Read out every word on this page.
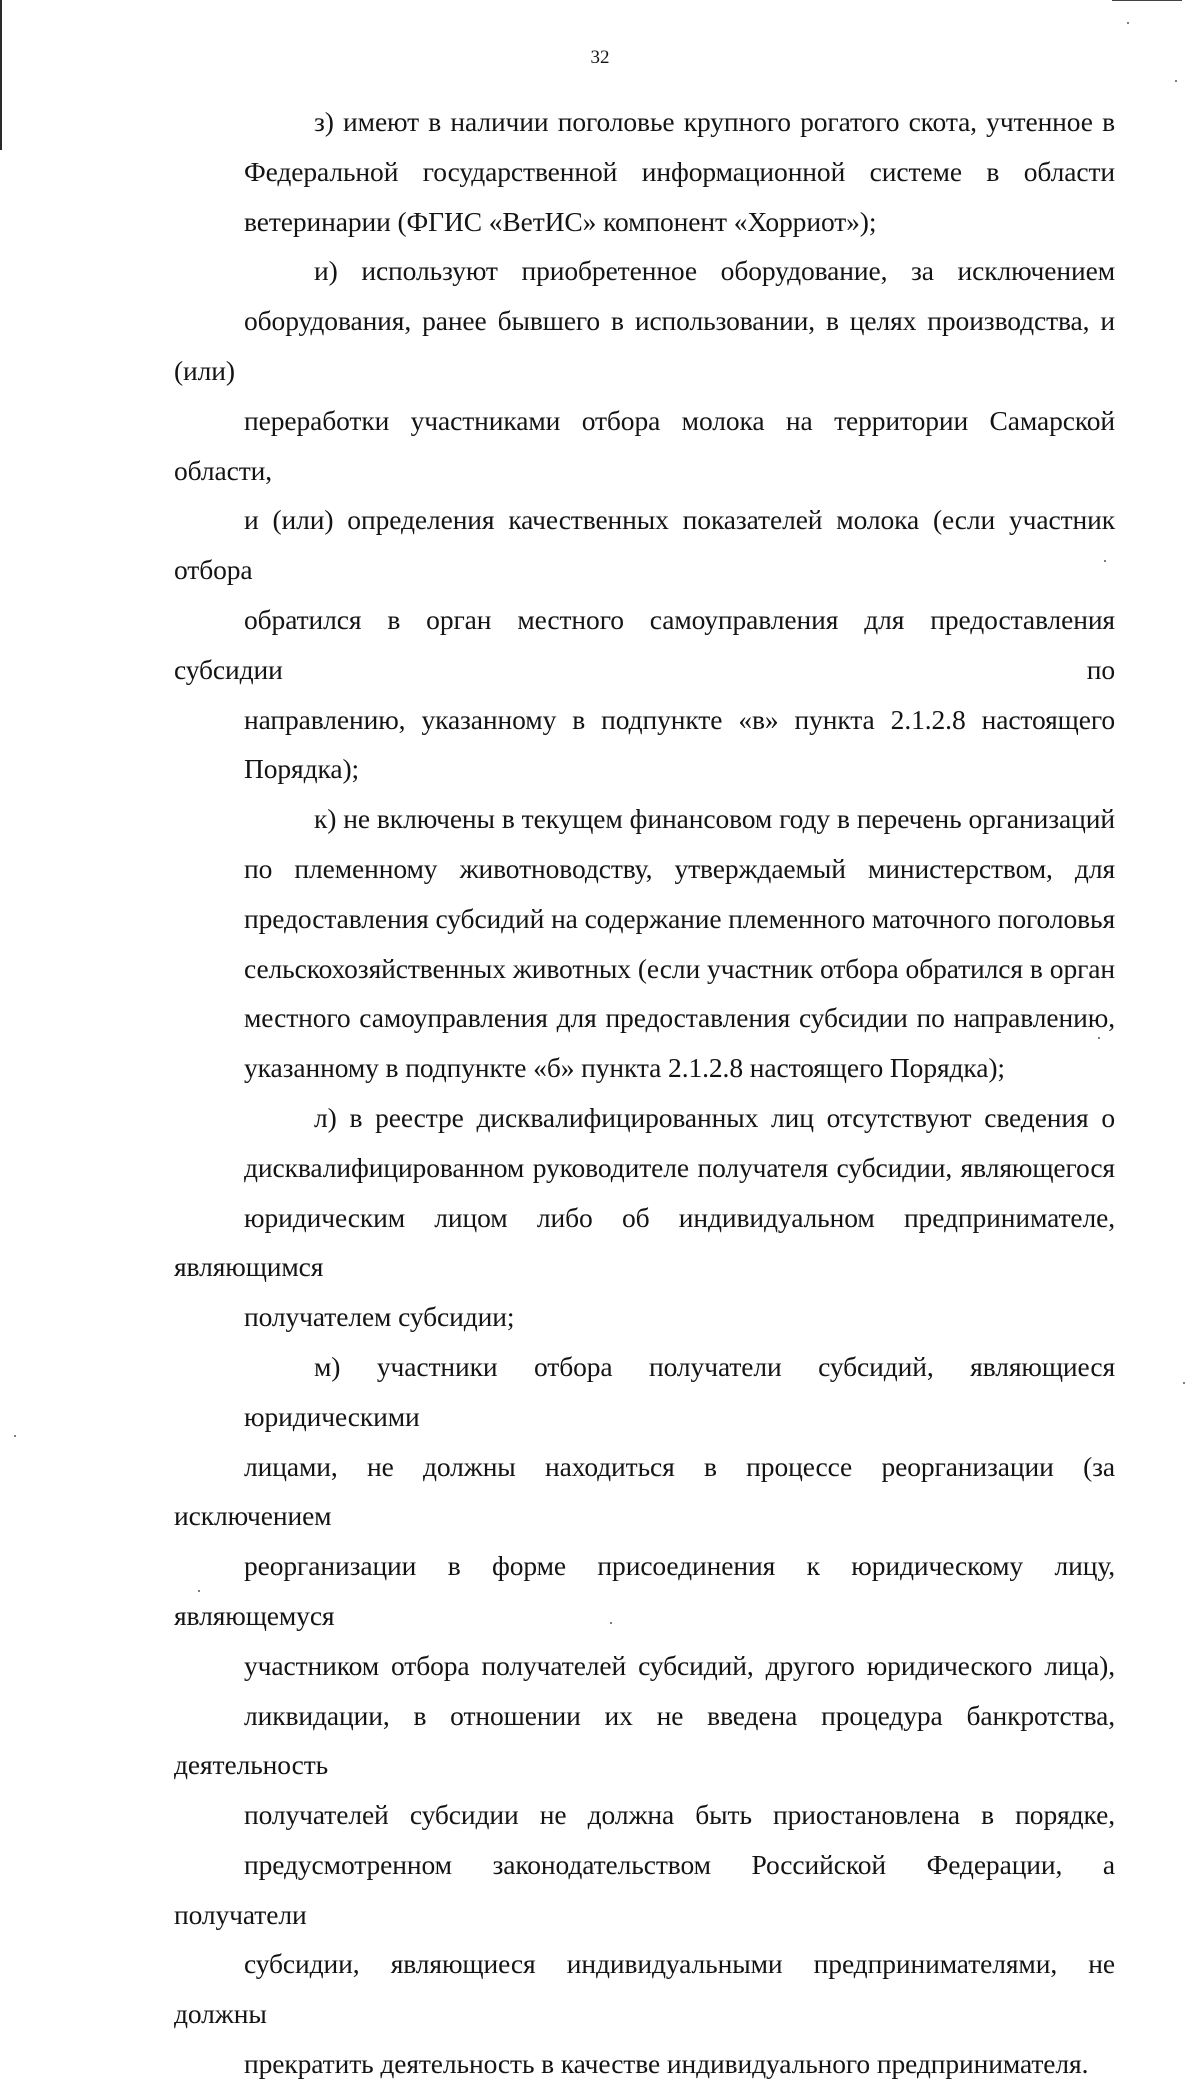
32

з) имеют в наличии поголовье крупного рогатого скота, учтенное в
Федеральной государственной информационной системе в области
ветеринарии (ФГИС «ВетИС» компонент «Хорриот»);

и) используют приобретенное оборудование, за исключением
оборудования, ранее бывшего в использовании, в целях производства, и (или)
переработки участниками отбора молока на территории Самарской области,
и (или) определения качественных показателей молока (если участник отбора
обратился в орган местного самоуправления для предоставления субсидии по
направлению, указанному в подпункте «в» пункта 2.1.2.8 настоящего
Порядка);

к) не включены в текущем финансовом году в перечень организаций
по племенному животноводству, утверждаемый министерством, для
предоставления субсидий на содержание племенного маточного поголовья
сельскохозяйственных животных (если участник отбора обратился в орган
местного самоуправления для предоставления субсидии по направлению,
указанному в подпункте «б» пункта 2.1.2.8 настоящего Порядка);

л) в реестре дисквалифицированных лиц отсутствуют сведения о
дисквалифицированном руководителе получателя субсидии, являющегося
юридическим лицом либо об индивидуальном предпринимателе, являющимся
получателем субсидии;

м) участники отбора получатели субсидий, являющиеся юридическими
лицами, не должны находиться в процессе реорганизации (за исключением
реорганизации в форме присоединения к юридическому лицу, являющемуся
участником отбора получателей субсидий, другого юридического лица),
ликвидации, в отношении их не введена процедура банкротства, деятельность
получателей субсидии не должна быть приостановлена в порядке,
предусмотренном законодательством Российской Федерации, а получатели
субсидии, являющиеся индивидуальными предпринимателями, не должны
прекратить деятельность в качестве индивидуального предпринимателя.
